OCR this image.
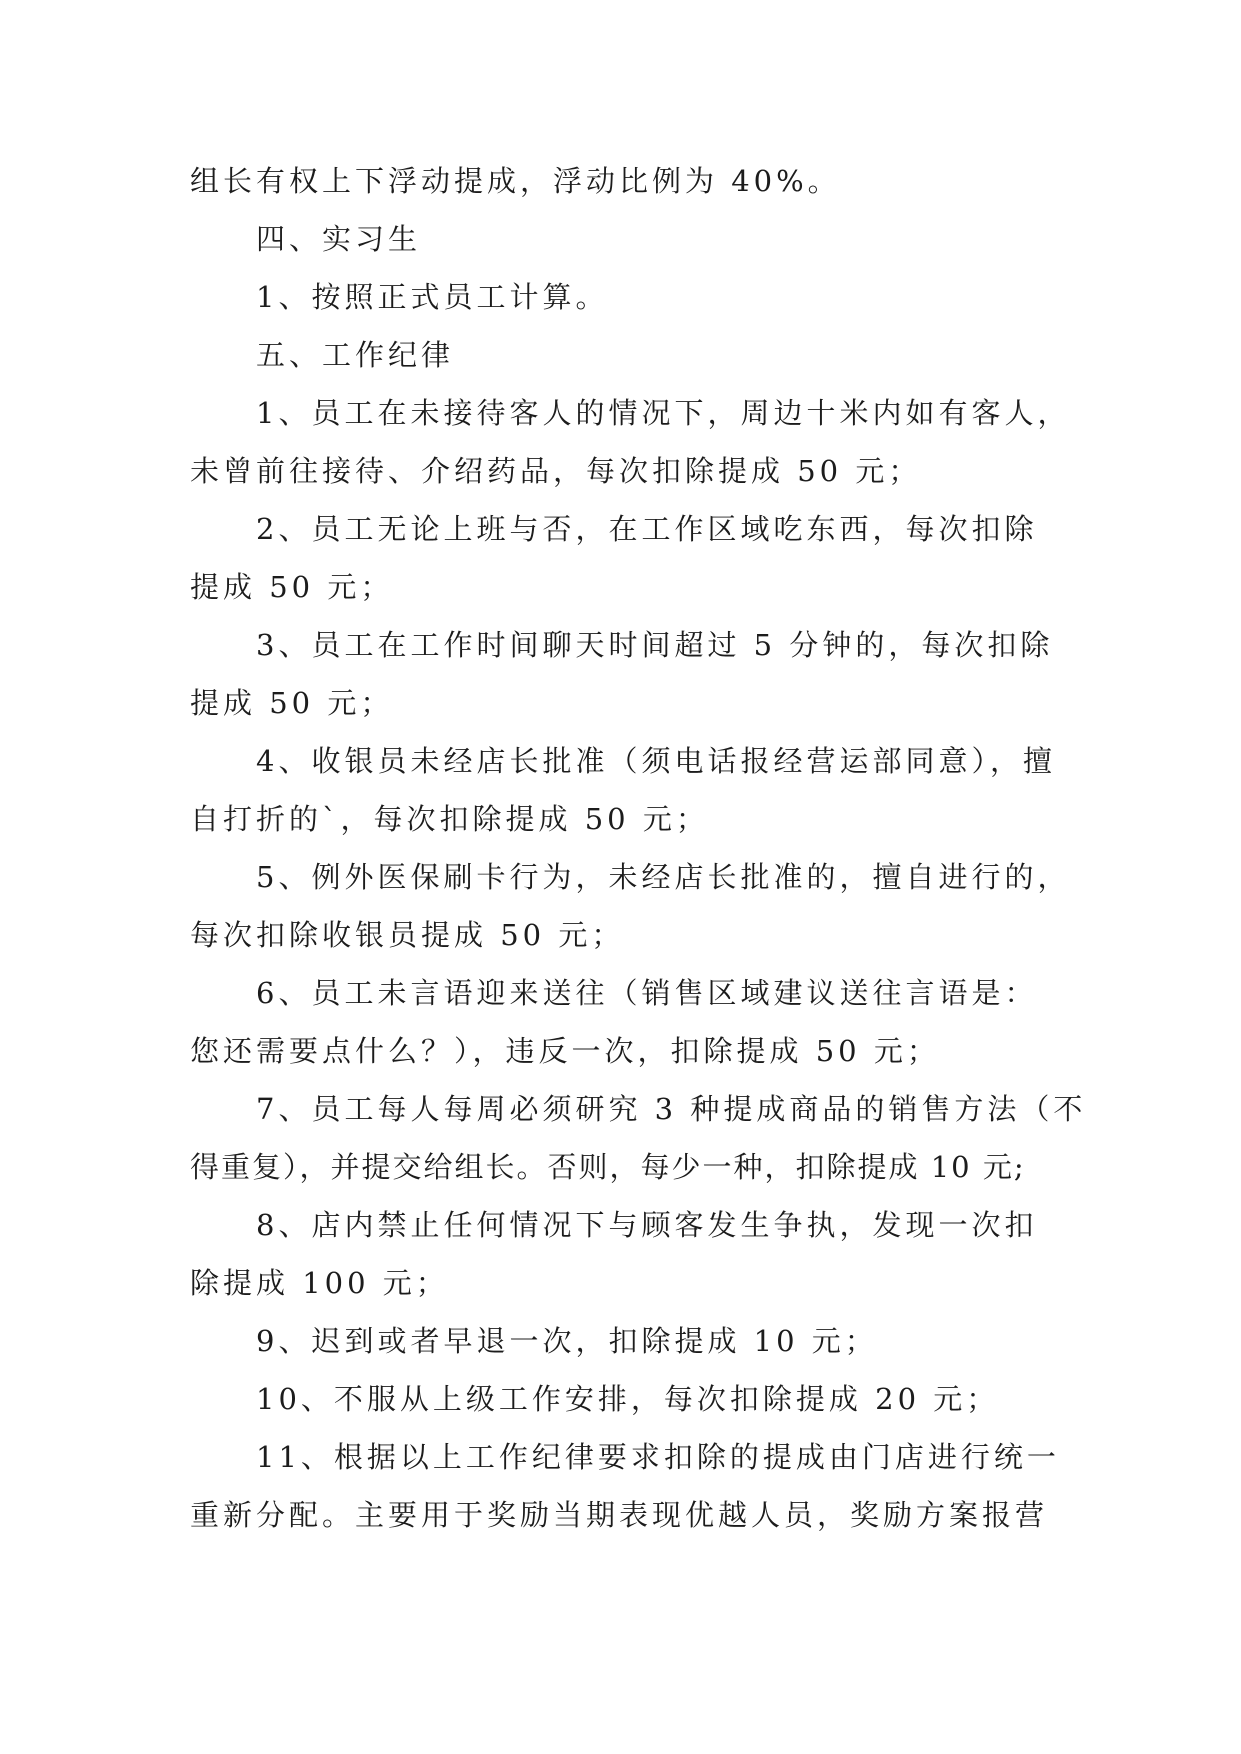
组长有权上下浮动提成，浮动比例为 40%。

四、实习生

1、按照正式员工计算。

五、工作纪律

1、员工在未接待客人的情况下，周边十米内如有客人，
未曾前往接待、介绍药品，每次扣除提成 50 元；

2、员工无论上班与否，在工作区域吃东西，每次扣除
提成 50 元；

3、员工在工作时间聊天时间超过 5 分钟的，每次扣除
提成 50 元；

4、收银员未经店长批准（须电话报经营运部同意），擅
自打折的`，每次扣除提成 50 元；

5、例外医保刷卡行为，未经店长批准的，擅自进行的，
每次扣除收银员提成 50 元；

6、员工未言语迎来送往（销售区域建议送往言语是：
您还需要点什么？），违反一次，扣除提成 50 元；

7、员工每人每周必须研究 3 种提成商品的销售方法（不
得重复），并提交给组长。否则，每少一种，扣除提成 10 元;

8、店内禁止任何情况下与顾客发生争执，发现一次扣
除提成 100 元；

9、迟到或者早退一次，扣除提成 10 元；

10、不服从上级工作安排，每次扣除提成 20 元；

11、根据以上工作纪律要求扣除的提成由门店进行统一
重新分配。主要用于奖励当期表现优越人员，奖励方案报营
